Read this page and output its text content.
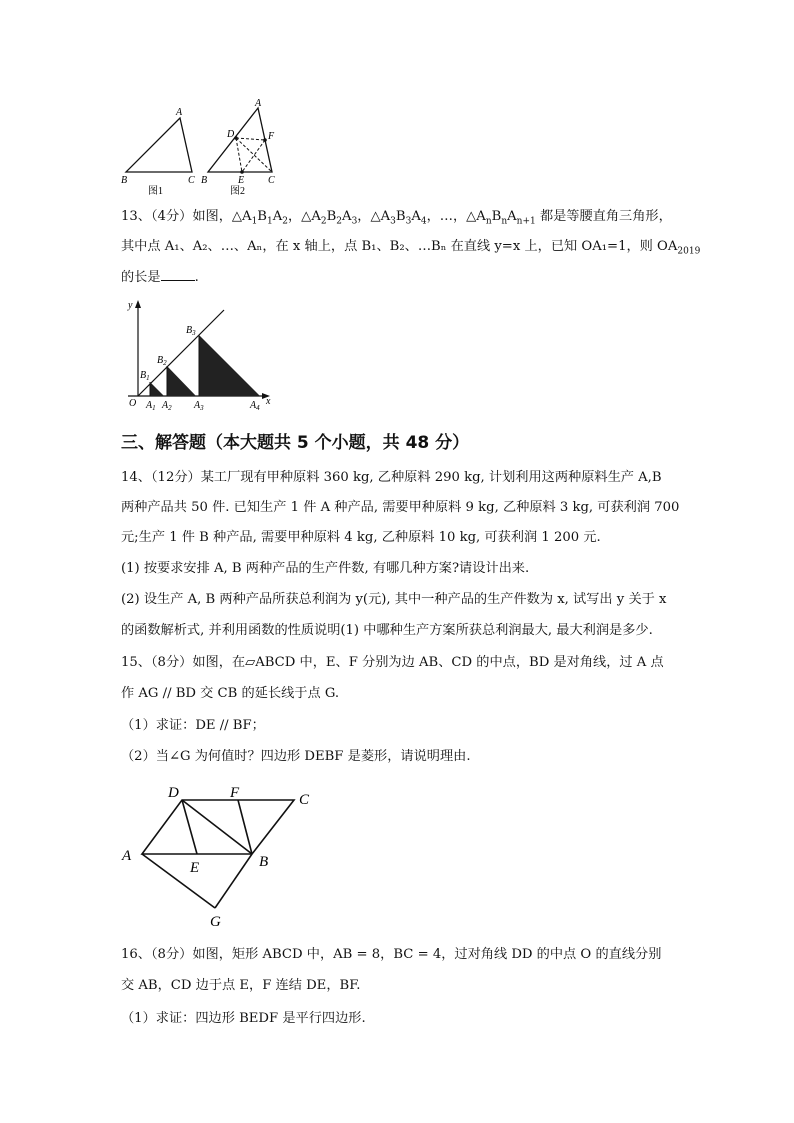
A
B	C
图1
A
D	F
B	E C
图2
13、（4分）如图，$\triangle A_1B_1A_2$，$\triangle A_2B_2A_3$，$\triangle A_3B_3A_4$，…，$\triangle A_nB_nA_{n+1}$ 都是等腰直角三角形，
其中点 A₁、A₂、…、Aₙ，在 x 轴上，点 B₁、B₂、…Bₙ 在直线 y=x 上，已知 OA₁=1，则 $OA_{2019}$
的长是	.
y
x
O $A_1$ $A_2$ $A_3$	$A_4$
$B_1$
$B_2$
$B_3$
三、解答题（本大题共 5 个小题，共 48 分）
14、（12分）某工厂现有甲种原料 360 kg, 乙种原料 290 kg, 计划利用这两种原料生产 A,B
两种产品共 50 件. 已知生产 1 件 A 种产品, 需要甲种原料 9 kg, 乙种原料 3 kg, 可获利润 700
元;生产 1 件 B 种产品, 需要甲种原料 4 kg, 乙种原料 10 kg, 可获利润 1 200 元.
(1) 按要求安排 A, B 两种产品的生产件数, 有哪几种方案?请设计出来.
(2) 设生产 A, B 两种产品所获总利润为 y(元), 其中一种产品的生产件数为 x, 试写出 y 关于 x
的函数解析式, 并利用函数的性质说明(1) 中哪种生产方案所获总利润最大, 最大利润是多少.
15、（8分）如图，在▱ABCD 中，E、F 分别为边 AB、CD 的中点，BD 是对角线，过 A 点
作 AG // BD 交 CB 的延长线于点 G.
（1）求证：DE // BF；
（2）当∠G 为何值时？四边形 DEBF 是菱形，请说明理由.
D	F	C
A
E	B
G
16、（8分）如图，矩形 ABCD 中，AB = 8，BC = 4，过对角线 DD 的中点 O 的直线分别
交 AB，CD 边于点 E，F 连结 DE，BF.
（1）求证：四边形 BEDF 是平行四边形.
